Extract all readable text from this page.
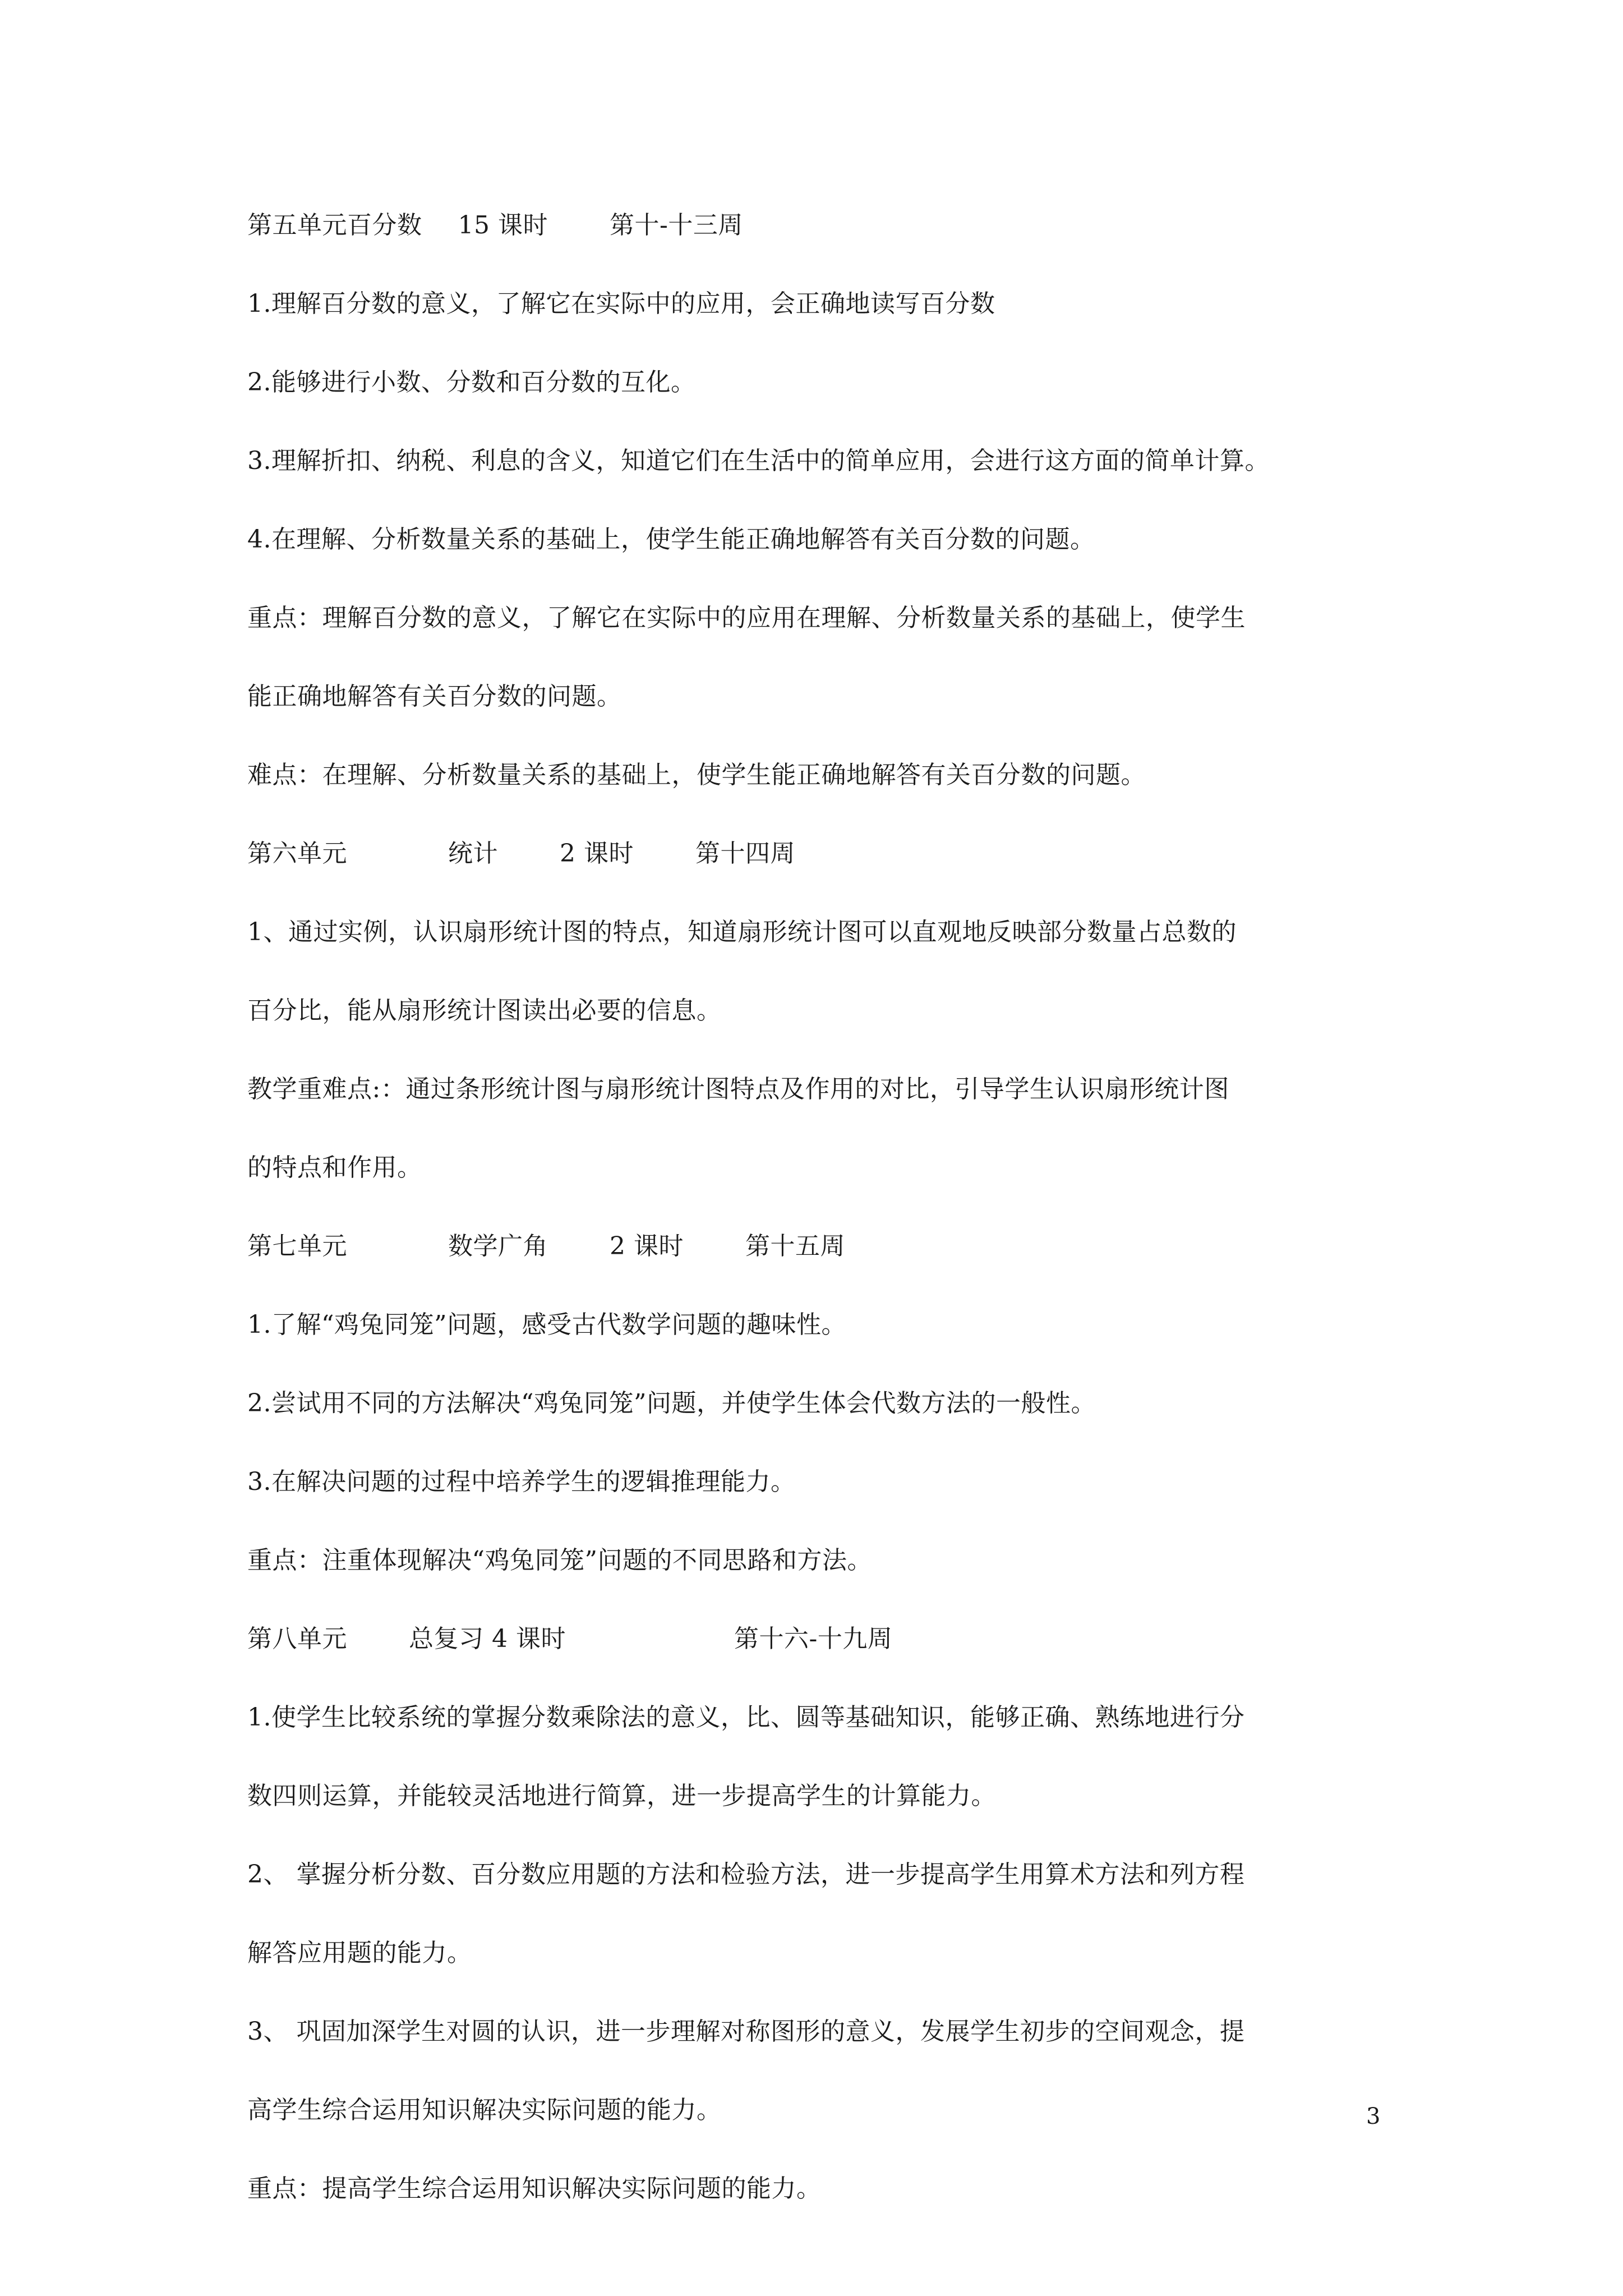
第五单元百分数 15 课时	第十-十三周
1.理解百分数的意义，了解它在实际中的应用，会正确地读写百分数
2.能够进行小数、分数和百分数的互化。
3.理解折扣、纳税、利息的含义，知道它们在生活中的简单应用，会进行这方面的简单计算。
4.在理解、分析数量关系的基础上，使学生能正确地解答有关百分数的问题。
重点：理解百分数的意义，了解它在实际中的应用在理解、分析数量关系的基础上，使学生
能正确地解答有关百分数的问题。
难点：在理解、分析数量关系的基础上，使学生能正确地解答有关百分数的问题。
第六单元	统计	2 课时	第十四周
1、通过实例，认识扇形统计图的特点，知道扇形统计图可以直观地反映部分数量占总数的
百分比，能从扇形统计图读出必要的信息。
教学重难点:：通过条形统计图与扇形统计图特点及作用的对比，引导学生认识扇形统计图
的特点和作用。
第七单元	数学广角	2 课时	第十五周
1.了解“鸡兔同笼”问题，感受古代数学问题的趣味性。
2.尝试用不同的方法解决“鸡兔同笼”问题，并使学生体会代数方法的一般性。
3.在解决问题的过程中培养学生的逻辑推理能力。
重点：注重体现解决“鸡兔同笼”问题的不同思路和方法。
第八单元	总复习 4 课时	第十六-十九周
1.使学生比较系统的掌握分数乘除法的意义，比、圆等基础知识，能够正确、熟练地进行分
数四则运算，并能较灵活地进行简算，进一步提高学生的计算能力。
2、 掌握分析分数、百分数应用题的方法和检验方法，进一步提高学生用算术方法和列方程
解答应用题的能力。
3、 巩固加深学生对圆的认识，进一步理解对称图形的意义，发展学生初步的空间观念，提
高学生综合运用知识解决实际问题的能力。
重点：提高学生综合运用知识解决实际问题的能力。
3
